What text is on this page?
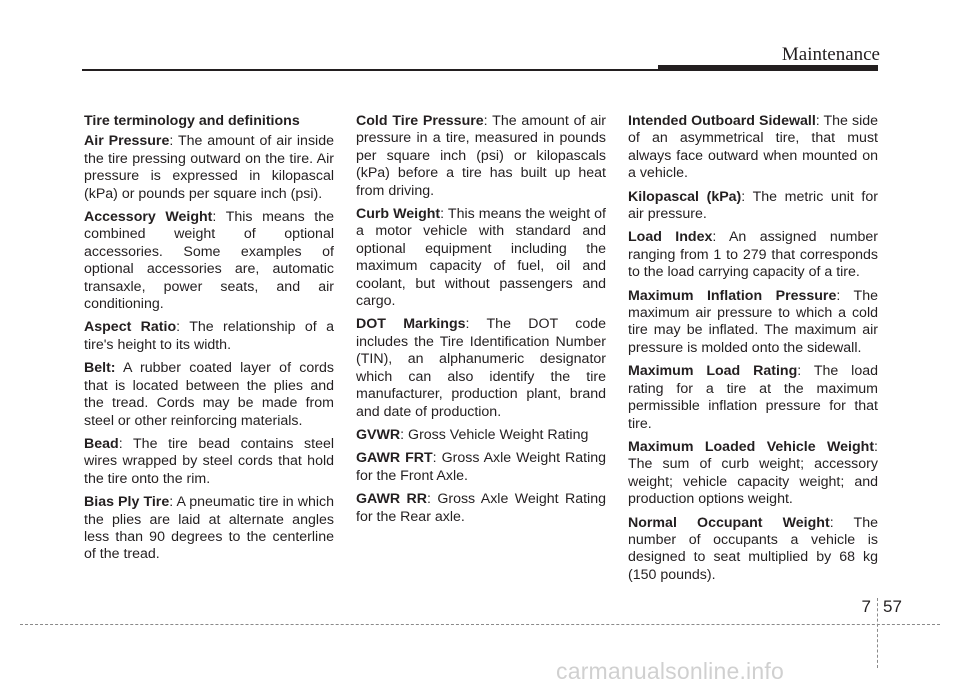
Maintenance
Tire terminology and definitions

Air Pressure: The amount of air inside the tire pressing outward on the tire. Air pressure is expressed in kilopascal (kPa) or pounds per square inch (psi).

Accessory Weight: This means the combined weight of optional accessories. Some examples of optional accessories are, automatic transaxle, power seats, and air conditioning.

Aspect Ratio: The relationship of a tire's height to its width.

Belt: A rubber coated layer of cords that is located between the plies and the tread. Cords may be made from steel or other reinforcing materials.

Bead: The tire bead contains steel wires wrapped by steel cords that hold the tire onto the rim.

Bias Ply Tire: A pneumatic tire in which the plies are laid at alternate angles less than 90 degrees to the centerline of the tread.

Cold Tire Pressure: The amount of air pressure in a tire, measured in pounds per square inch (psi) or kilopascals (kPa) before a tire has built up heat from driving.

Curb Weight: This means the weight of a motor vehicle with standard and optional equipment including the maximum capacity of fuel, oil and coolant, but without passengers and cargo.

DOT Markings: The DOT code includes the Tire Identification Number (TIN), an alphanumeric designator which can also identify the tire manufacturer, production plant, brand and date of production.

GVWR: Gross Vehicle Weight Rating

GAWR FRT: Gross Axle Weight Rating for the Front Axle.

GAWR RR: Gross Axle Weight Rating for the Rear axle.

Intended Outboard Sidewall: The side of an asymmetrical tire, that must always face outward when mounted on a vehicle.

Kilopascal (kPa): The metric unit for air pressure.

Load Index: An assigned number ranging from 1 to 279 that corresponds to the load carrying capacity of a tire.

Maximum Inflation Pressure: The maximum air pressure to which a cold tire may be inflated. The maximum air pressure is molded onto the sidewall.

Maximum Load Rating: The load rating for a tire at the maximum permissible inflation pressure for that tire.

Maximum Loaded Vehicle Weight: The sum of curb weight; accessory weight; vehicle capacity weight; and production options weight.

Normal Occupant Weight: The number of occupants a vehicle is designed to seat multiplied by 68 kg (150 pounds).

7 57
carmanualsonline.info
